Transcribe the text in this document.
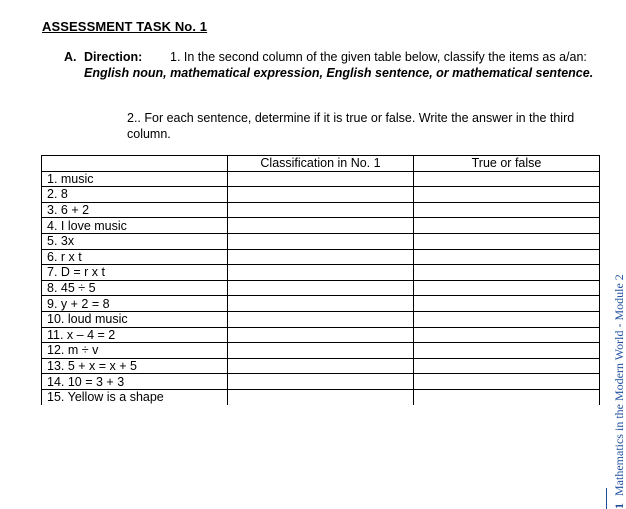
ASSESSMENT TASK No. 1
A. Direction:	1. In the second column of the given table below, classify the items as a/an:
English noun, mathematical expression, English sentence, or mathematical sentence.
2.. For each sentence, determine if it is true or false. Write the answer in the third column.
	Classification in No. 1	True or false
1. music		
2. 8		
3. 6 + 2		
4. I love music		
5. 3x		
6. r x t		
7. D = r x t		
8. 45 ÷ 5		
9. y + 2 = 8		
10. loud music		
11. x – 4 = 2		
12. m ÷ v		
13. 5 + x = x + 5		
14. 10 = 3 + 3		
15. Yellow is a shape		
1 Mathematics in the Modern World - Module 2
